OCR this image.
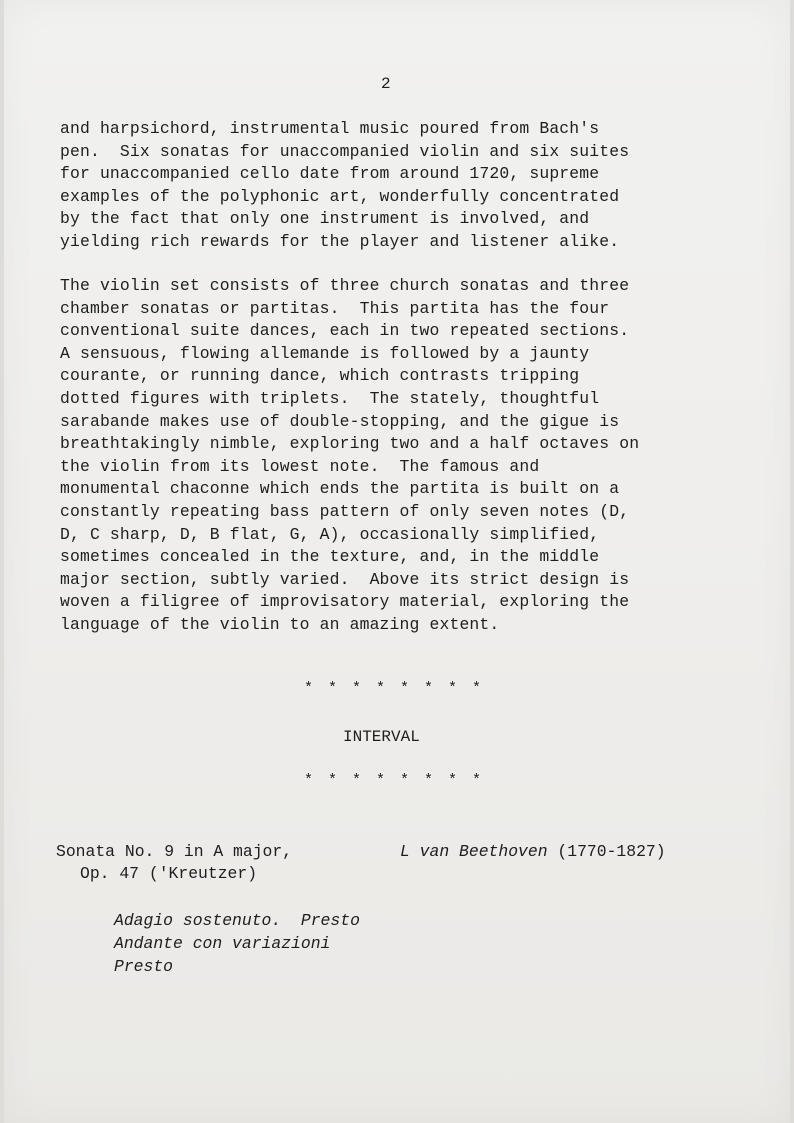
2

and harpsichord, instrumental music poured from Bach's
pen.  Six sonatas for unaccompanied violin and six suites
for unaccompanied cello date from around 1720, supreme
examples of the polyphonic art, wonderfully concentrated
by the fact that only one instrument is involved, and
yielding rich rewards for the player and listener alike.

The violin set consists of three church sonatas and three
chamber sonatas or partitas.  This partita has the four
conventional suite dances, each in two repeated sections.
A sensuous, flowing allemande is followed by a jaunty
courante, or running dance, which contrasts tripping
dotted figures with triplets.  The stately, thoughtful
sarabande makes use of double-stopping, and the gigue is
breathtakingly nimble, exploring two and a half octaves on
the violin from its lowest note.  The famous and
monumental chaconne which ends the partita is built on a
constantly repeating bass pattern of only seven notes (D,
D, C sharp, D, B flat, G, A), occasionally simplified,
sometimes concealed in the texture, and, in the middle
major section, subtly varied.  Above its strict design is
woven a filigree of improvisatory material, exploring the
language of the violin to an amazing extent.

* * * * * * * *
INTERVAL
* * * * * * * *
Sonata No. 9 in A major,
Op. 47 ('Kreutzer)
L van Beethoven (1770-1827)
Adagio sostenuto.  Presto
Andante con variazioni
Presto
